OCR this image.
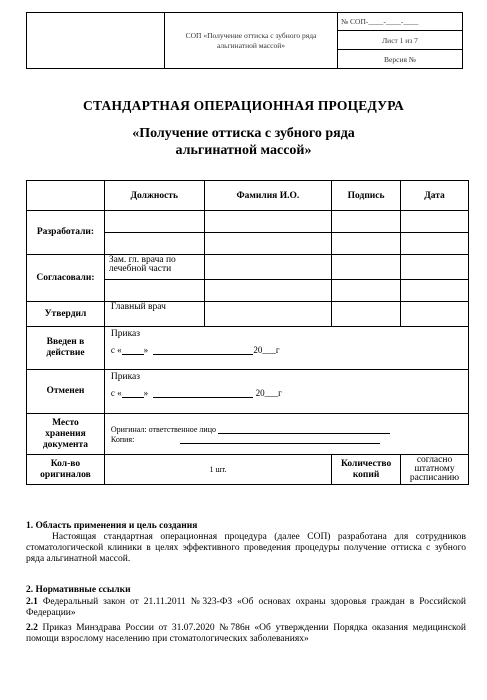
	СОП «Получение оттиска с зубного ряда альгинатной массой»	№ СОП-____-____-____
Лист 1 из 7
Версия №
СТАНДАРТНАЯ ОПЕРАЦИОННАЯ ПРОЦЕДУРА
«Получение оттиска с зубного ряда
альгинатной массой»
	Должность	Фамилия И.О.	Подпись	Дата
Разработали:				

Согласовали:	Зам. гл. врача по лечебной части			

Утвердил	Главный врач			
Введен в действие	Приказ
с « » 20___г			

Отменен	Приказ
с « » 20___г			

Место хранения документа	Оригинал: ответственное лицо
Копия:			

Кол-во оригиналов	1 шт.		Количество копий	согласно штатному расписанию
1. Область применения и цель создания
Настоящая стандартная операционная процедура (далее СОП) разработана для сотрудников стоматологической клиники в целях эффективного проведения процедуры получение оттиска с зубного ряда альгинатной массой.
2. Нормативные ссылки
2.1 Федеральный закон от 21.11.2011 №323-ФЗ «Об основах охраны здоровья граждан в Российской Федерации»
2.2 Приказ Минздрава России от 31.07.2020 №786н «Об утверждении Порядка оказания медицинской помощи взрослому населению при стоматологических заболеваниях»
